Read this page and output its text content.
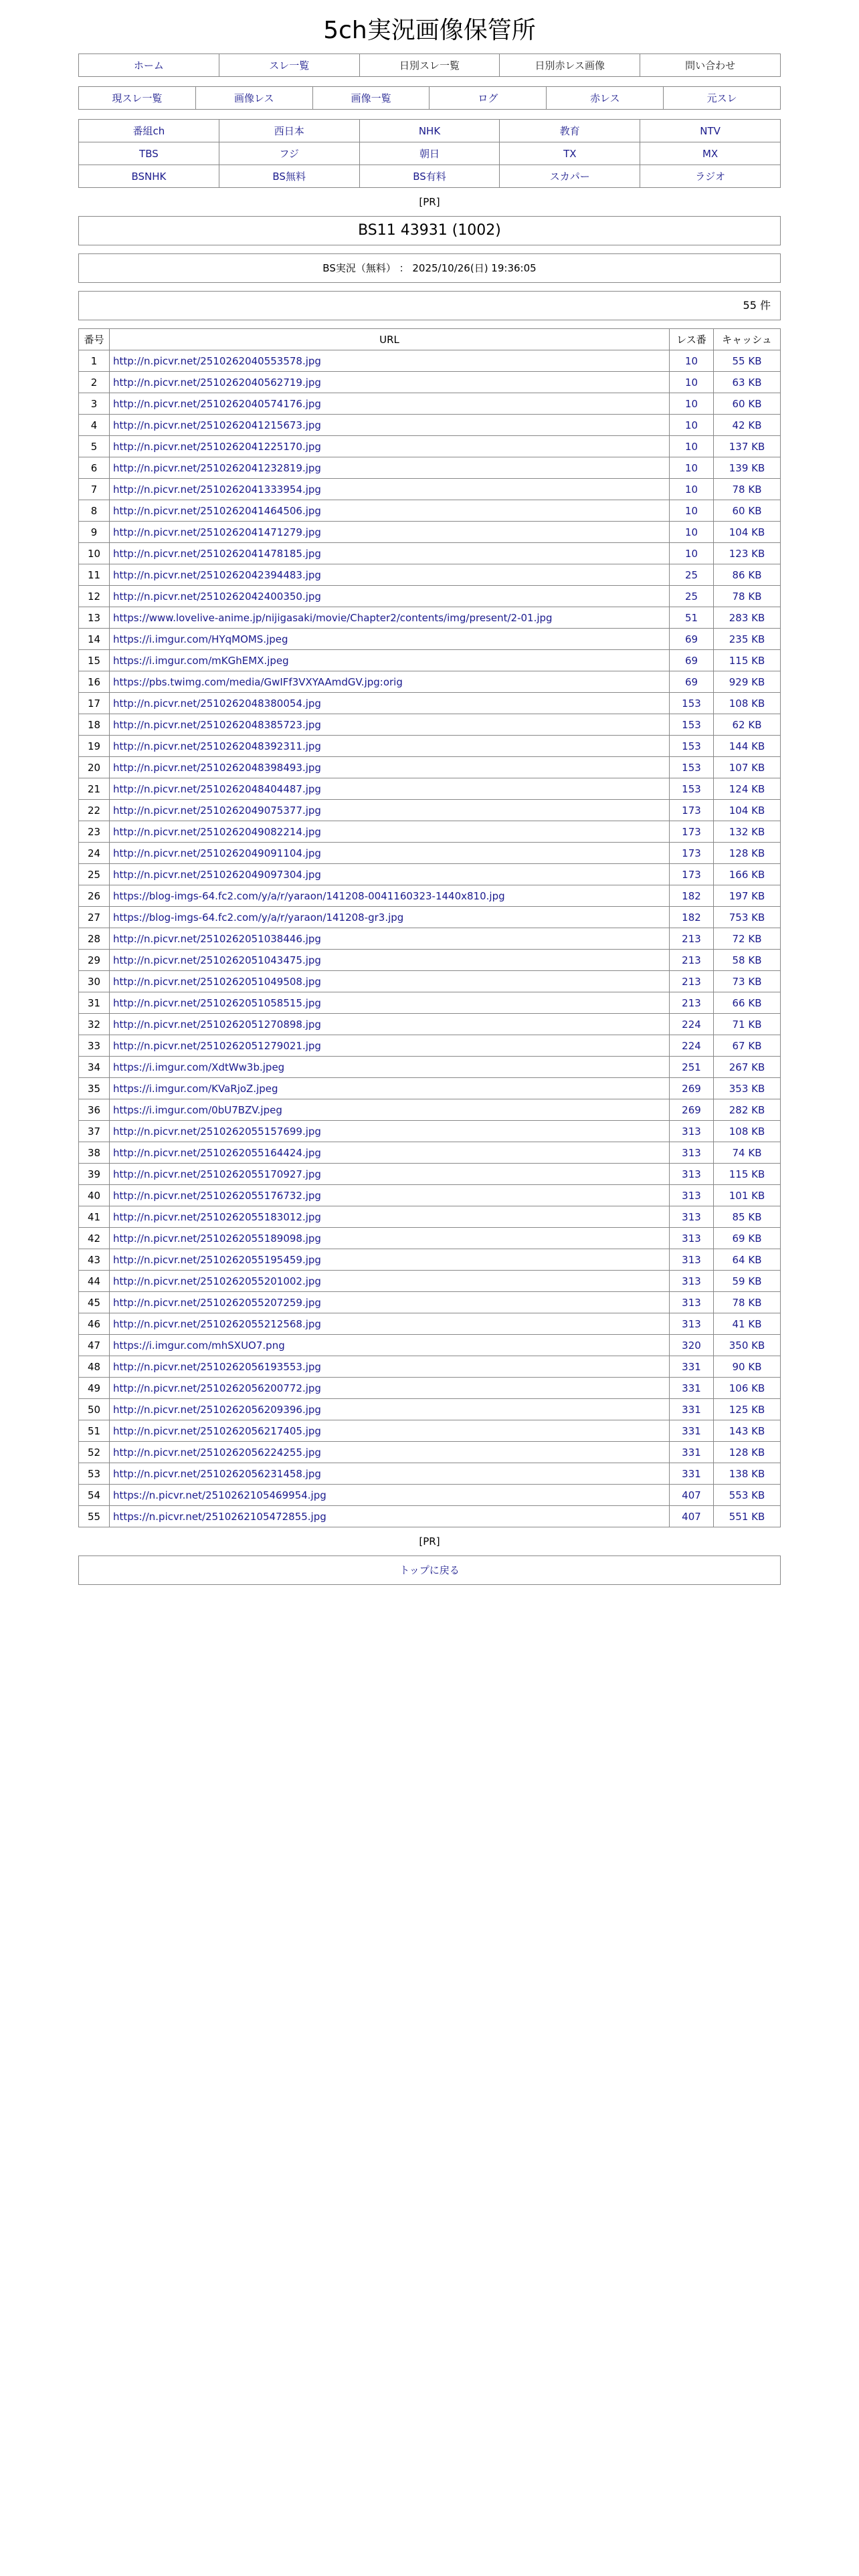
5ch実況画像保管所
ホーム	スレ一覧	日別スレ一覧	日別赤レス画像	問い合わせ
現スレ一覧	画像レス	画像一覧	ログ	赤レス	元スレ
番組ch	西日本	NHK	教育	NTV
TBS	フジ	朝日	TX	MX
BSNHK	BS無料	BS有料	スカパー	ラジオ
[PR]
BS11 43931 (1002)
BS実況（無料） ： 2025/10/26(日) 19:36:05
55 件
番号	URL	レス番	キャッシュ
1	http://n.picvr.net/2510262040553578.jpg	10	55 KB
2	http://n.picvr.net/2510262040562719.jpg	10	63 KB
3	http://n.picvr.net/2510262040574176.jpg	10	60 KB
4	http://n.picvr.net/2510262041215673.jpg	10	42 KB
5	http://n.picvr.net/2510262041225170.jpg	10	137 KB
6	http://n.picvr.net/2510262041232819.jpg	10	139 KB
7	http://n.picvr.net/2510262041333954.jpg	10	78 KB
8	http://n.picvr.net/2510262041464506.jpg	10	60 KB
9	http://n.picvr.net/2510262041471279.jpg	10	104 KB
10	http://n.picvr.net/2510262041478185.jpg	10	123 KB
11	http://n.picvr.net/2510262042394483.jpg	25	86 KB
12	http://n.picvr.net/2510262042400350.jpg	25	78 KB
13	https://www.lovelive-anime.jp/nijigasaki/movie/Chapter2/contents/img/present/2-01.jpg	51	283 KB
14	https://i.imgur.com/HYqMOMS.jpeg	69	235 KB
15	https://i.imgur.com/mKGhEMX.jpeg	69	115 KB
16	https://pbs.twimg.com/media/GwIFf3VXYAAmdGV.jpg:orig	69	929 KB
17	http://n.picvr.net/2510262048380054.jpg	153	108 KB
18	http://n.picvr.net/2510262048385723.jpg	153	62 KB
19	http://n.picvr.net/2510262048392311.jpg	153	144 KB
20	http://n.picvr.net/2510262048398493.jpg	153	107 KB
21	http://n.picvr.net/2510262048404487.jpg	153	124 KB
22	http://n.picvr.net/2510262049075377.jpg	173	104 KB
23	http://n.picvr.net/2510262049082214.jpg	173	132 KB
24	http://n.picvr.net/2510262049091104.jpg	173	128 KB
25	http://n.picvr.net/2510262049097304.jpg	173	166 KB
26	https://blog-imgs-64.fc2.com/y/a/r/yaraon/141208-0041160323-1440x810.jpg	182	197 KB
27	https://blog-imgs-64.fc2.com/y/a/r/yaraon/141208-gr3.jpg	182	753 KB
28	http://n.picvr.net/2510262051038446.jpg	213	72 KB
29	http://n.picvr.net/2510262051043475.jpg	213	58 KB
30	http://n.picvr.net/2510262051049508.jpg	213	73 KB
31	http://n.picvr.net/2510262051058515.jpg	213	66 KB
32	http://n.picvr.net/2510262051270898.jpg	224	71 KB
33	http://n.picvr.net/2510262051279021.jpg	224	67 KB
34	https://i.imgur.com/XdtWw3b.jpeg	251	267 KB
35	https://i.imgur.com/KVaRjoZ.jpeg	269	353 KB
36	https://i.imgur.com/0bU7BZV.jpeg	269	282 KB
37	http://n.picvr.net/2510262055157699.jpg	313	108 KB
38	http://n.picvr.net/2510262055164424.jpg	313	74 KB
39	http://n.picvr.net/2510262055170927.jpg	313	115 KB
40	http://n.picvr.net/2510262055176732.jpg	313	101 KB
41	http://n.picvr.net/2510262055183012.jpg	313	85 KB
42	http://n.picvr.net/2510262055189098.jpg	313	69 KB
43	http://n.picvr.net/2510262055195459.jpg	313	64 KB
44	http://n.picvr.net/2510262055201002.jpg	313	59 KB
45	http://n.picvr.net/2510262055207259.jpg	313	78 KB
46	http://n.picvr.net/2510262055212568.jpg	313	41 KB
47	https://i.imgur.com/mhSXUO7.png	320	350 KB
48	http://n.picvr.net/2510262056193553.jpg	331	90 KB
49	http://n.picvr.net/2510262056200772.jpg	331	106 KB
50	http://n.picvr.net/2510262056209396.jpg	331	125 KB
51	http://n.picvr.net/2510262056217405.jpg	331	143 KB
52	http://n.picvr.net/2510262056224255.jpg	331	128 KB
53	http://n.picvr.net/2510262056231458.jpg	331	138 KB
54	https://n.picvr.net/2510262105469954.jpg	407	553 KB
55	https://n.picvr.net/2510262105472855.jpg	407	551 KB
[PR]
トップに戻る
